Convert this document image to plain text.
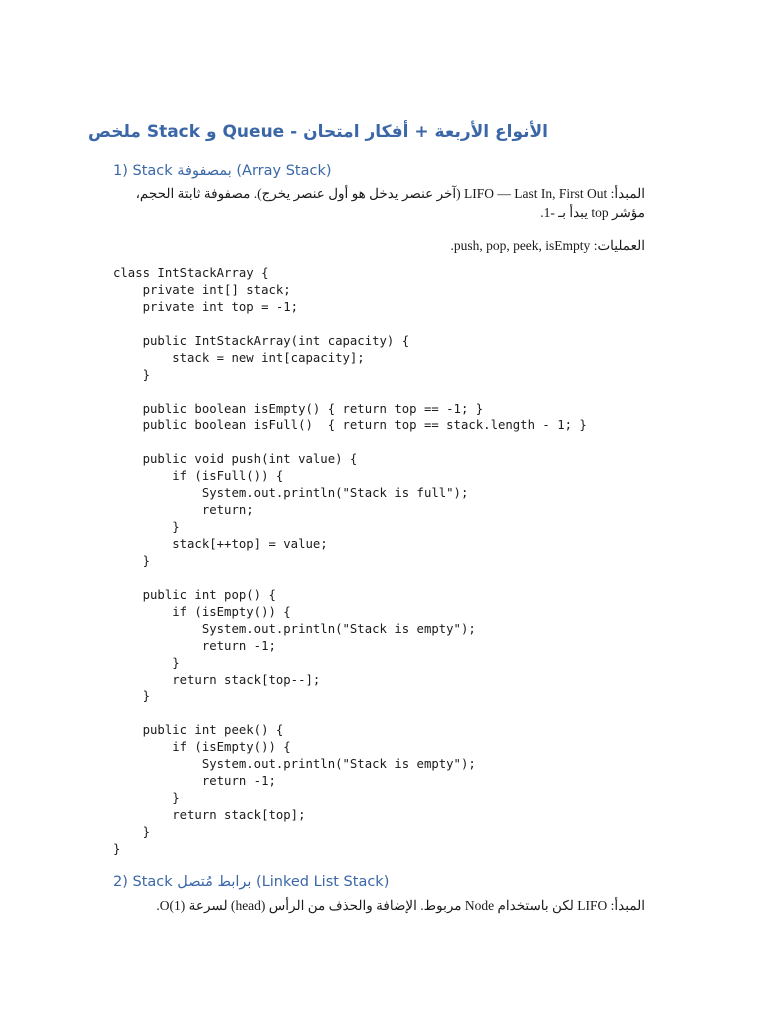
الأنواع الأربعة + أفكار امتحان - Queue و Stack ملخص
1) Stack بمصفوفة (Array Stack)
المبدأ: LIFO — Last In, First Out (آخر عنصر يدخل هو أول عنصر يخرج). مصفوفة ثابتة الحجم،
مؤشر top يبدأ بـ -1.
العمليات: push, pop, peek, isEmpty.
class IntStackArray {
private int[] stack;
private int top = -1;
public IntStackArray(int capacity) {
stack = new int[capacity];
}
public boolean isEmpty() { return top == -1; }
public boolean isFull()  { return top == stack.length - 1; }
public void push(int value) {
if (isFull()) {
System.out.println("Stack is full");
return;
}
stack[++top] = value;
}
public int pop() {
if (isEmpty()) {
System.out.println("Stack is empty");
return -1;
}
return stack[top--];
}
public int peek() {
if (isEmpty()) {
System.out.println("Stack is empty");
return -1;
}
return stack[top];
}
}
2) Stack برابط مُتصل (Linked List Stack)
المبدأ: LIFO لكن باستخدام Node مربوط. الإضافة والحذف من الرأس (head) لسرعة O(1).
